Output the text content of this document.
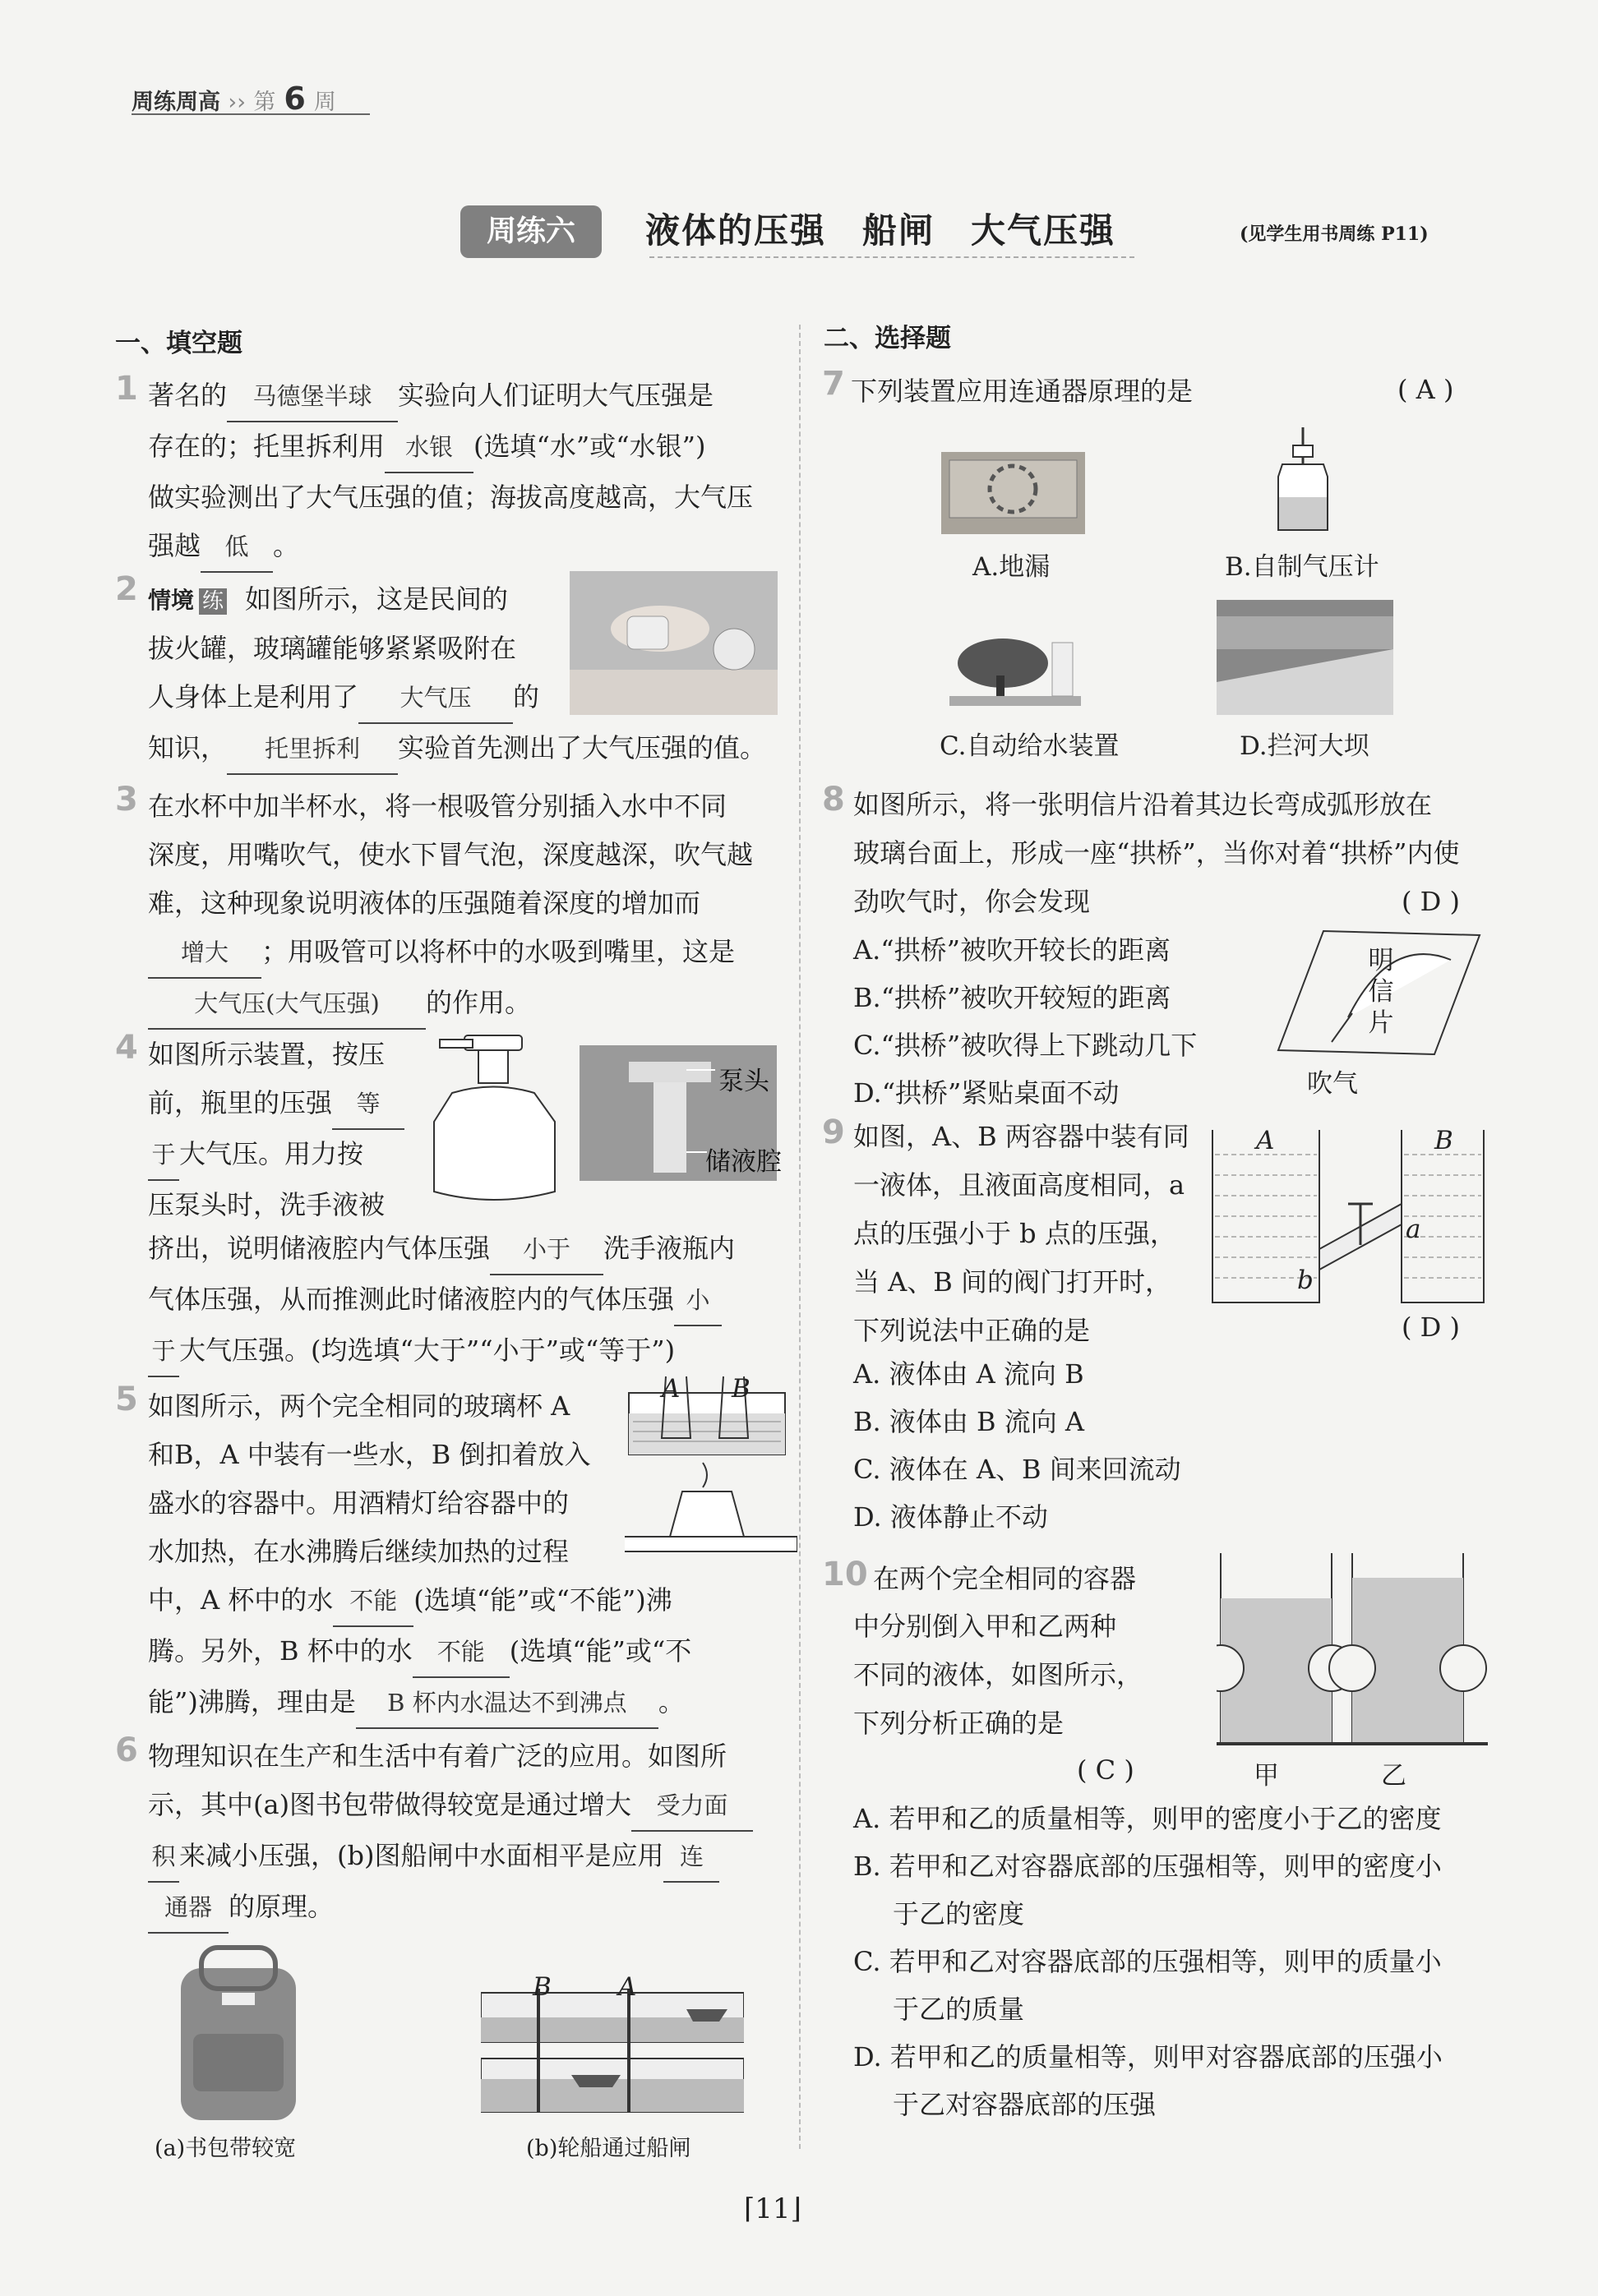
周练周高 ›› 第 6 周
周练六	液体的压强　船闸　大气压强	(见学生用书周练 P11)
一、填空题	二、选择题
1 著名的 马德堡半球 实验向人们证明大气压强是
存在的；托里拆利用 水银 (选填“水”或“水银”)
做实验测出了大气压强的值；海拔高度越高，大气压
强越 低 。
2 情境 练 如图所示，这是民间的
拔火罐，玻璃罐能够紧紧吸附在
人身体上是利用了 大气压 的
知识， 托里拆利 实验首先测出了大气压强的值。
3 在水杯中加半杯水，将一根吸管分别插入水中不同
深度，用嘴吹气，使水下冒气泡，深度越深，吹气越
难，这种现象说明液体的压强随着深度的增加而
增大 ；用吸管可以将杯中的水吸到嘴里，这是
大气压(大气压强) 的作用。
4 如图所示装置，按压
前，瓶里的压强 等
于 大气压。用力按
压泵头时，洗手液被
挤出，说明储液腔内气体压强 小于 洗手液瓶内
气体压强，从而推测此时储液腔内的气体压强 小
于 大气压强。(均选填“大于”“小于”或“等于”)
泵头
储液腔
5 如图所示，两个完全相同的玻璃杯 A
和B，A 中装有一些水，B 倒扣着放入
盛水的容器中。用酒精灯给容器中的
水加热，在水沸腾后继续加热的过程
中，A 杯中的水 不能 (选填“能”或“不能”)沸
腾。另外，B 杯中的水 不能 (选填“能”或“不
能”)沸腾，理由是 B 杯内水温达不到沸点 。
A B
6 物理知识在生产和生活中有着广泛的应用。如图所
示，其中(a)图书包带做得较宽是通过增大 受力面
积 来减小压强，(b)图船闸中水面相平是应用 连
通器 的原理。
(a)书包带较宽
B	A
(b)轮船通过船闸
7 下列装置应用连通器原理的是	( A )
A.地漏	B.自制气压计
C.自动给水装置	D.拦河大坝
8 如图所示，将一张明信片沿着其边长弯成弧形放在
玻璃台面上，形成一座“拱桥”，当你对着“拱桥”内使
劲吹气时，你会发现	( D )
A.“拱桥”被吹开较长的距离
B.“拱桥”被吹开较短的距离
C.“拱桥”被吹得上下跳动几下
D.“拱桥”紧贴桌面不动
明信片
吹气
9 如图，A、B 两容器中装有同
一液体，且液面高度相同，a
点的压强小于 b 点的压强，
当 A、B 间的阀门打开时，
下列说法中正确的是	( D )
A. 液体由 A 流向 B
B. 液体由 B 流向 A
C. 液体在 A、B 间来回流动
D. 液体静止不动
A	B
a
b
10 在两个完全相同的容器
中分别倒入甲和乙两种
不同的液体，如图所示，
下列分析正确的是
( C )	甲	乙
A. 若甲和乙的质量相等，则甲的密度小于乙的密度
B. 若甲和乙对容器底部的压强相等，则甲的密度小
于乙的密度
C. 若甲和乙对容器底部的压强相等，则甲的质量小
于乙的质量
D. 若甲和乙的质量相等，则甲对容器底部的压强小
于乙对容器底部的压强
⌈11⌋
